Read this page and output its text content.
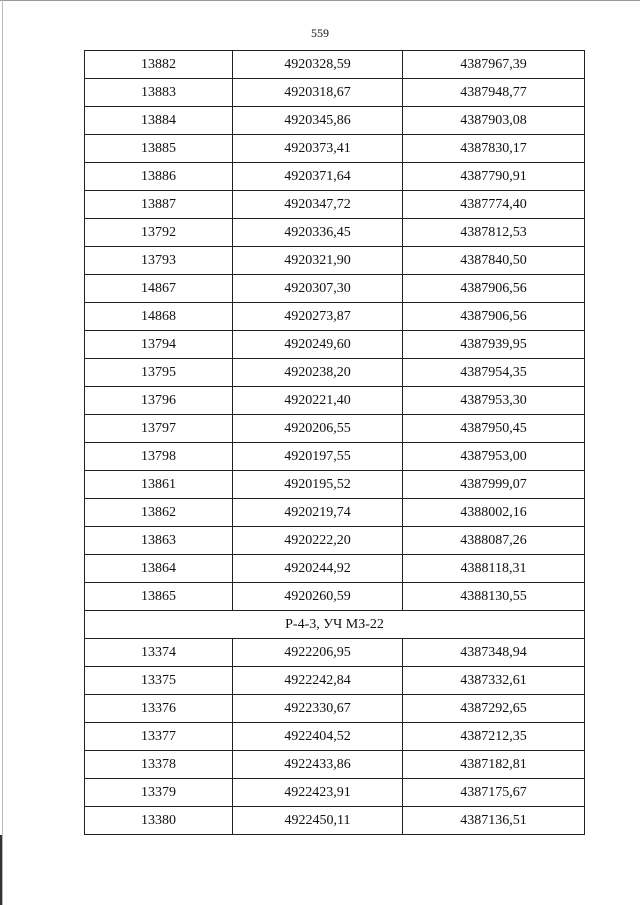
559
13882	4920328,59	4387967,39
13883	4920318,67	4387948,77
13884	4920345,86	4387903,08
13885	4920373,41	4387830,17
13886	4920371,64	4387790,91
13887	4920347,72	4387774,40
13792	4920336,45	4387812,53
13793	4920321,90	4387840,50
14867	4920307,30	4387906,56
14868	4920273,87	4387906,56
13794	4920249,60	4387939,95
13795	4920238,20	4387954,35
13796	4920221,40	4387953,30
13797	4920206,55	4387950,45
13798	4920197,55	4387953,00
13861	4920195,52	4387999,07
13862	4920219,74	4388002,16
13863	4920222,20	4388087,26
13864	4920244,92	4388118,31
13865	4920260,59	4388130,55
Р-4-3, УЧ МЗ-22		
13374	4922206,95	4387348,94
13375	4922242,84	4387332,61
13376	4922330,67	4387292,65
13377	4922404,52	4387212,35
13378	4922433,86	4387182,81
13379	4922423,91	4387175,67
13380	4922450,11	4387136,51
